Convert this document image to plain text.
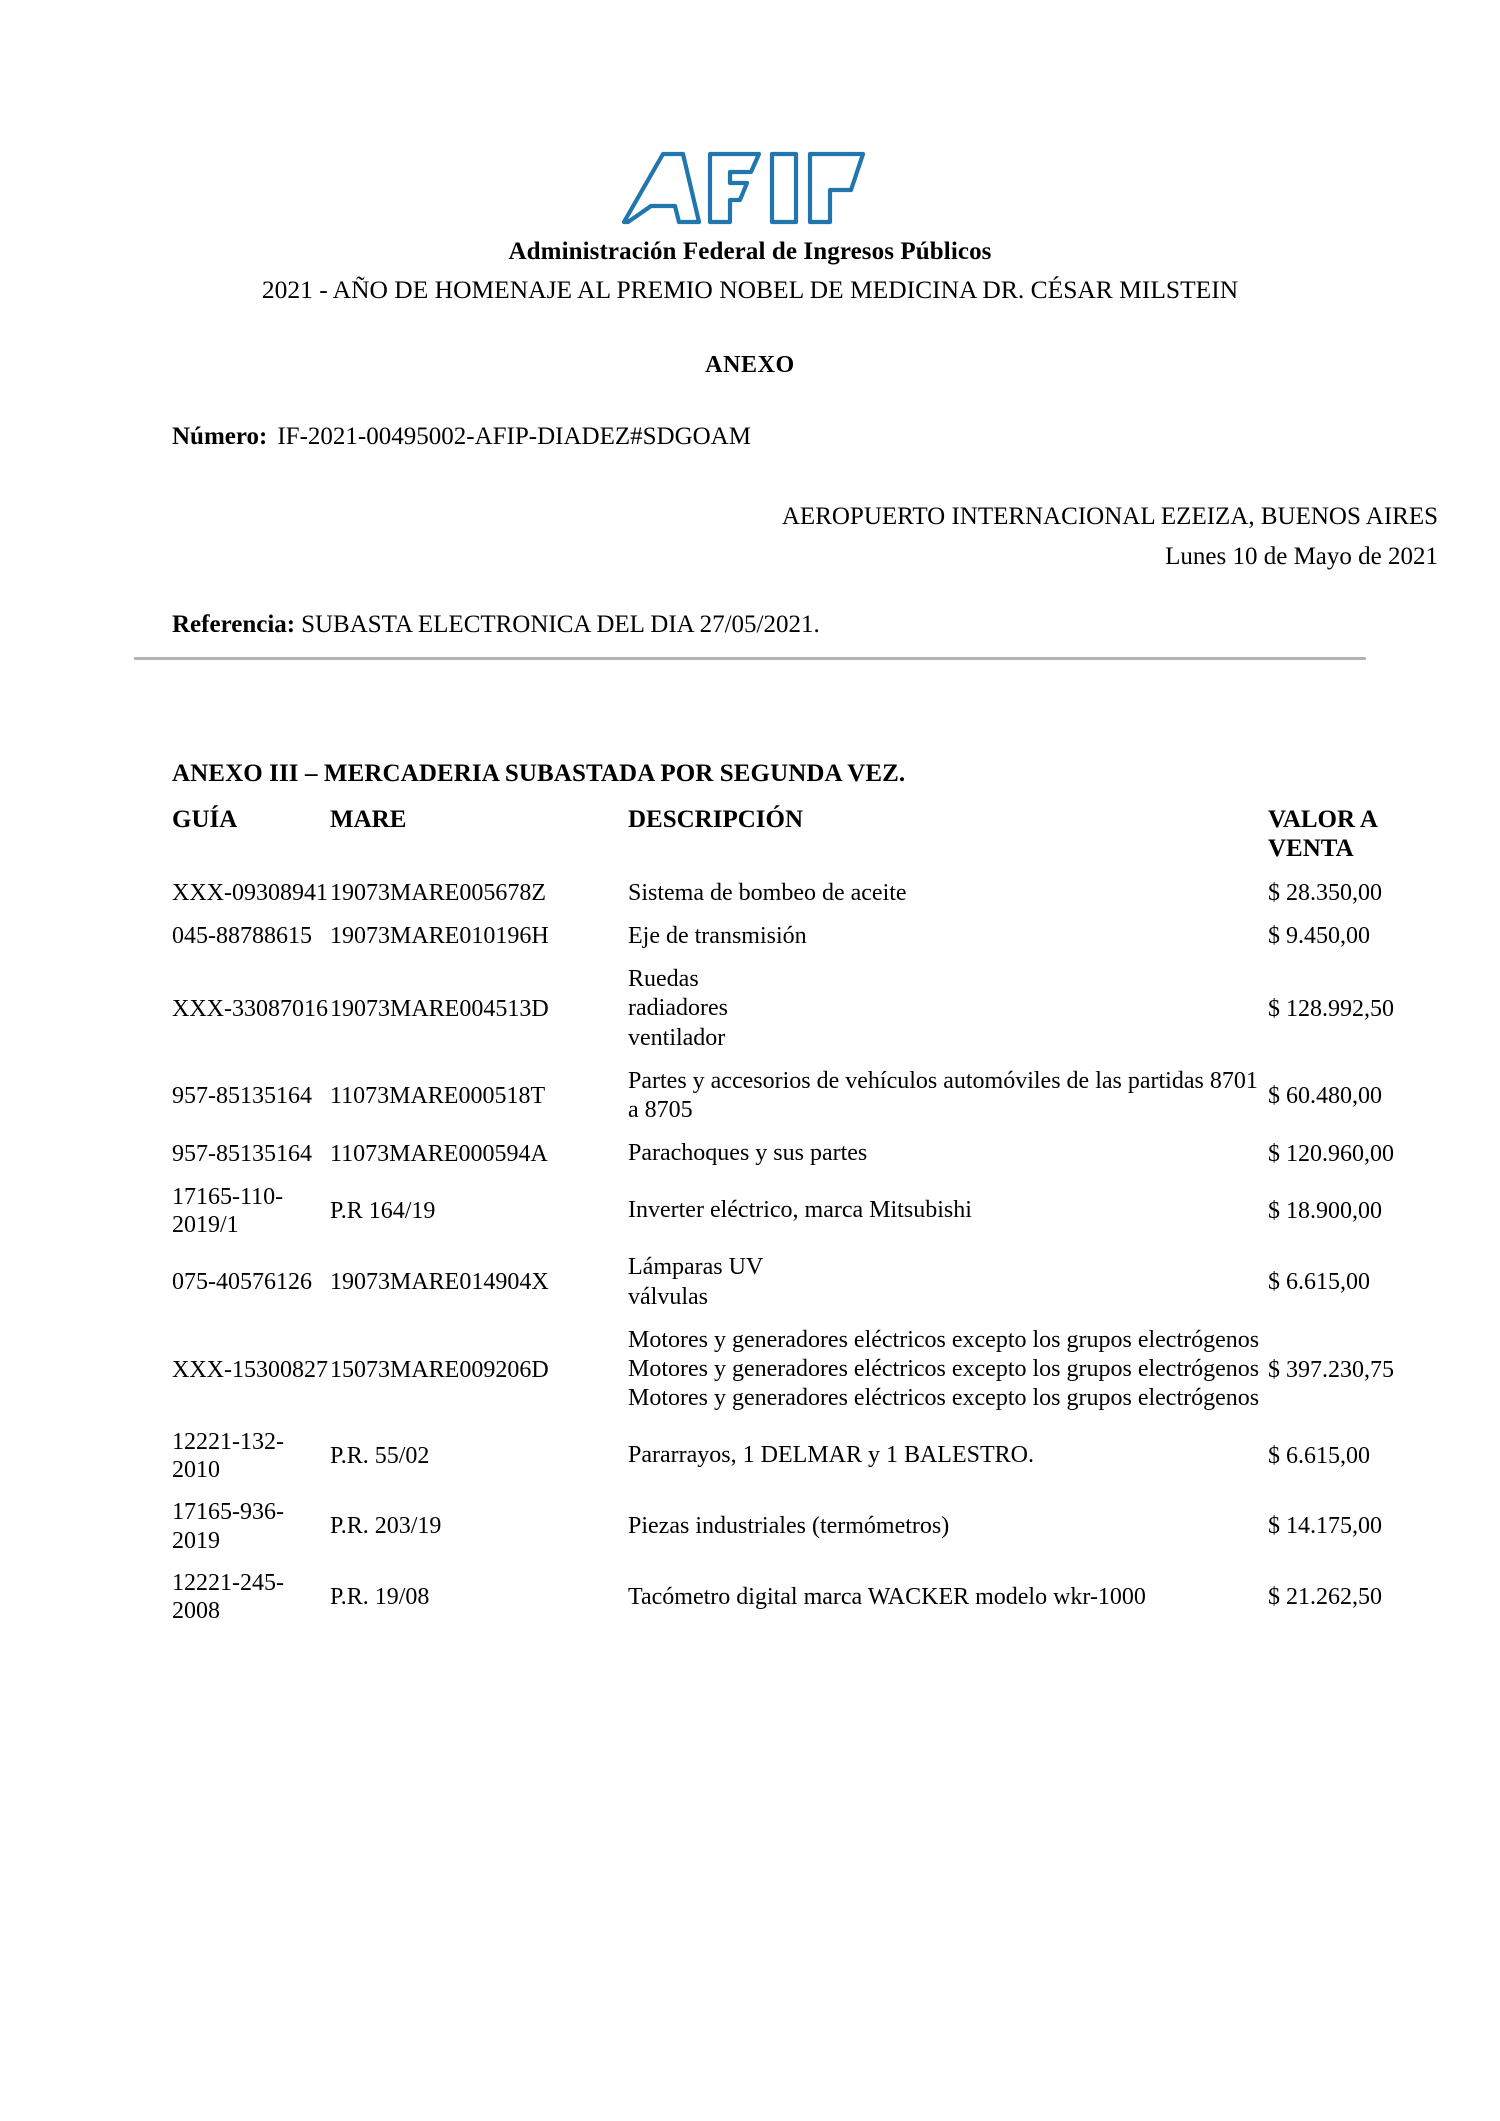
Administración Federal de Ingresos Públicos
2021 - AÑO DE HOMENAJE AL PREMIO NOBEL DE MEDICINA DR. CÉSAR MILSTEIN
ANEXO
Número: IF-2021-00495002-AFIP-DIADEZ#SDGOAM
AEROPUERTO INTERNACIONAL EZEIZA, BUENOS AIRES
Lunes 10 de Mayo de 2021
Referencia: SUBASTA ELECTRONICA DEL DIA 27/05/2021.
ANEXO III – MERCADERIA SUBASTADA POR SEGUNDA VEZ.
GUÍA	MARE	DESCRIPCIÓN	VALOR A VENTA
XXX-09308941	19073MARE005678Z	Sistema de bombeo de aceite	$ 28.350,00
045-88788615	19073MARE010196H	Eje de transmisión	$ 9.450,00
XXX-33087016	19073MARE004513D	Ruedas
radiadores
ventilador	$ 128.992,50
957-85135164	11073MARE000518T	Partes y accesorios de vehículos automóviles de las partidas 8701 a 8705	$ 60.480,00
957-85135164	11073MARE000594A	Parachoques y sus partes	$ 120.960,00
17165-110-2019/1	P.R 164/19	Inverter eléctrico, marca Mitsubishi	$ 18.900,00
075-40576126	19073MARE014904X	Lámparas UV
válvulas	$ 6.615,00
XXX-15300827	15073MARE009206D	Motores y generadores eléctricos excepto los grupos electrógenos
Motores y generadores eléctricos excepto los grupos electrógenos
Motores y generadores eléctricos excepto los grupos electrógenos	$ 397.230,75
12221-132-2010	P.R. 55/02	Pararrayos, 1 DELMAR y 1 BALESTRO.	$ 6.615,00
17165-936-2019	P.R. 203/19	Piezas industriales (termómetros)	$ 14.175,00
12221-245-2008	P.R. 19/08	Tacómetro digital marca WACKER modelo wkr-1000	$ 21.262,50
